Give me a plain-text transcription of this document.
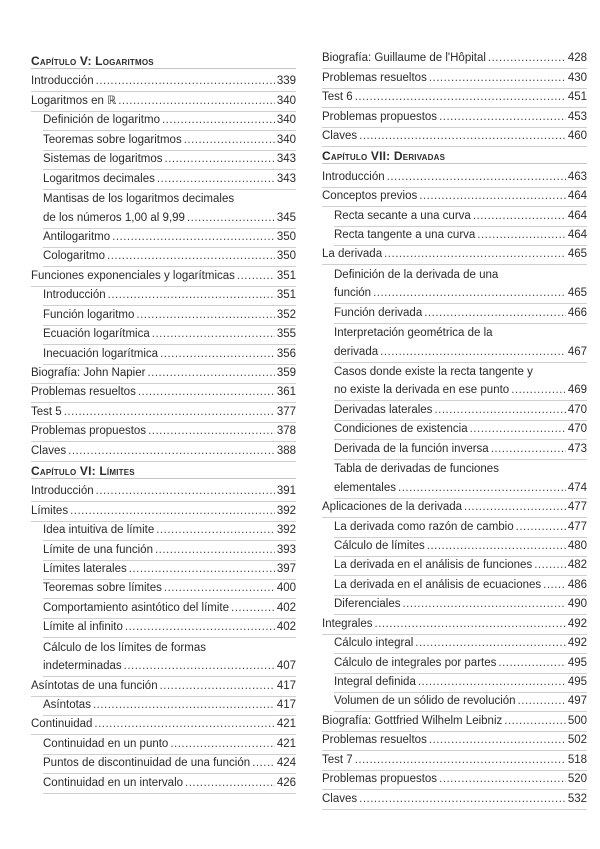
Capítulo V: Logaritmos
Introducción .....	339
Logaritmos en ℝ .....	340
Definición de logaritmo .....	340
Teoremas sobre logaritmos .....	340
Sistemas de logaritmos .....	343
Logaritmos decimales .....	343
Mantisas de los logaritmos decimales
de los números 1,00 al 9,99 .....	345
Antilogaritmo .....	350
Cologaritmo .....	350
Funciones exponenciales y logarítmicas .....	351
Introducción .....	351
Función logaritmo .....	352
Ecuación logarítmica .....	355
Inecuación logarítmica .....	356
Biografía: John Napier .....	359
Problemas resueltos .....	361
Test 5 .....	377
Problemas propuestos .....	378
Claves .....	388
Capítulo VI: Límites
Introducción .....	391
Límites .....	392
Idea intuitiva de límite .....	392
Límite de una función .....	393
Límites laterales .....	397
Teoremas sobre límites .....	400
Comportamiento asintótico del límite .....	402
Límite al infinito .....	402
Cálculo de los límites de formas
indeterminadas .....	407
Asíntotas de una función .....	417
Asíntotas .....	417
Continuidad .....	421
Continuidad en un punto .....	421
Puntos de discontinuidad de una función ..... 424
Continuidad en un intervalo .....	426
Biografía: Guillaume de l'Hôpital .....	428
Problemas resueltos .....	430
Test 6 .....	451
Problemas propuestos .....	453
Claves .....	460
Capítulo VII: Derivadas
Introducción .....	463
Conceptos previos .....	464
Recta secante a una curva .....	464
Recta tangente a una curva .....	464
La derivada .....	465
Definición de la derivada de una
función .....	465
Función derivada .....	466
Interpretación geométrica de la
derivada .....	467
Casos donde existe la recta tangente y
no existe la derivada en ese punto .....	469
Derivadas laterales .....	470
Condiciones de existencia .....	470
Derivada de la función inversa .....	473
Tabla de derivadas de funciones
elementales .....	474
Aplicaciones de la derivada .....	477
La derivada como razón de cambio .....	477
Cálculo de límites .....	480
La derivada en el análisis de funciones .....	482
La derivada en el análisis de ecuaciones ..... 486
Diferenciales .....	490
Integrales .....	492
Cálculo integral .....	492
Cálculo de integrales por partes .....	495
Integral definida .....	495
Volumen de un sólido de revolución .....	497
Biografía: Gottfried Wilhelm Leibniz .....	500
Problemas resueltos .....	502
Test 7 .....	518
Problemas propuestos .....	520
Claves .....	532
